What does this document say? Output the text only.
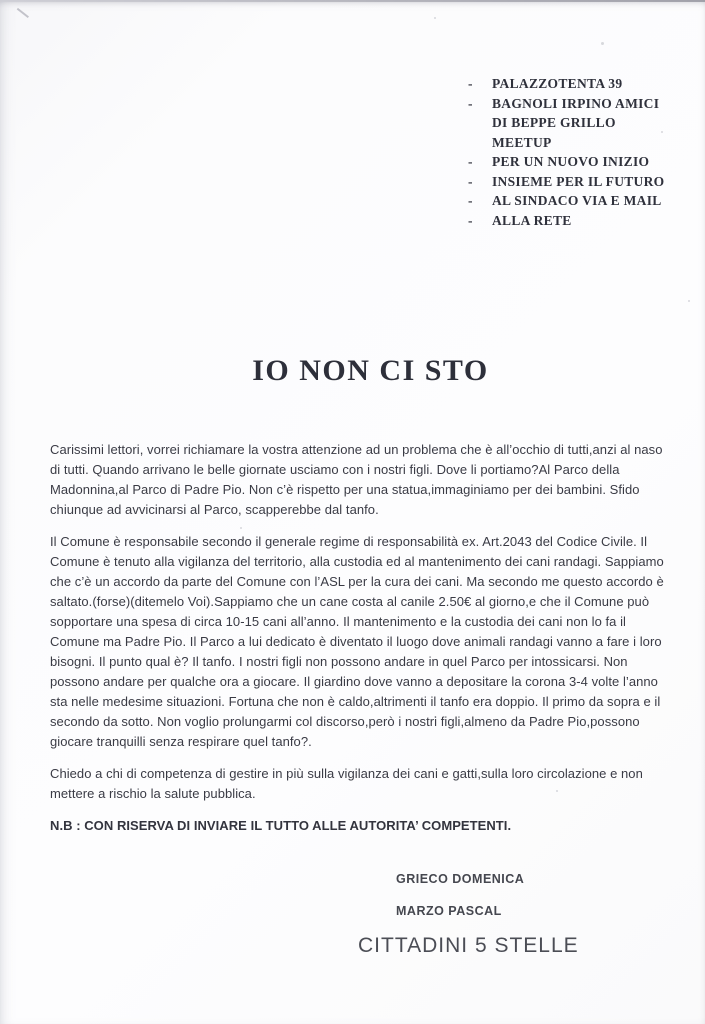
-	PALAZZOTENTA 39
-	BAGNOLI IRPINO AMICI DI BEPPE GRILLO MEETUP
-	PER UN NUOVO INIZIO
-	INSIEME PER IL FUTURO
-	AL SINDACO VIA E MAIL
-	ALLA RETE
IO NON CI STO

Carissimi lettori, vorrei richiamare la vostra attenzione ad un problema che è all’occhio di tutti,anzi al naso di tutti. Quando arrivano le belle giornate usciamo con i nostri figli. Dove li portiamo?Al Parco della Madonnina,al Parco di Padre Pio. Non c’è rispetto per una statua,immaginiamo per dei bambini. Sfido chiunque ad avvicinarsi al Parco, scapperebbe dal tanfo.

Il Comune è responsabile secondo il generale regime di responsabilità ex. Art.2043 del Codice Civile. Il Comune è tenuto alla vigilanza del territorio, alla custodia ed al mantenimento dei cani randagi. Sappiamo che c’è un accordo da parte del Comune con l’ASL per la cura dei cani. Ma secondo me questo accordo è saltato.(forse)(ditemelo Voi).Sappiamo che un cane costa al canile 2.50€ al giorno,e che il Comune può sopportare una spesa di circa 10-15 cani all’anno. Il mantenimento e la custodia dei cani non lo fa il Comune ma Padre Pio. Il Parco a lui dedicato è diventato il luogo dove animali randagi vanno a fare i loro bisogni. Il punto qual è? Il tanfo. I nostri figli non possono andare in quel Parco per intossicarsi. Non possono andare per qualche ora a giocare. Il giardino dove vanno a depositare la corona 3-4 volte l’anno sta nelle medesime situazioni. Fortuna che non è caldo,altrimenti il tanfo era doppio. Il primo da sopra e il secondo da sotto. Non voglio prolungarmi col discorso,però i nostri figli,almeno da Padre Pio,possono giocare tranquilli senza respirare quel tanfo?.

Chiedo a chi di competenza di gestire in più sulla vigilanza dei cani e gatti,sulla loro circolazione e non mettere a rischio la salute pubblica.

N.B : CON RISERVA DI INVIARE IL TUTTO ALLE AUTORITA’ COMPETENTI.

GRIECO DOMENICA
MARZO PASCAL
CITTADINI 5 STELLE
